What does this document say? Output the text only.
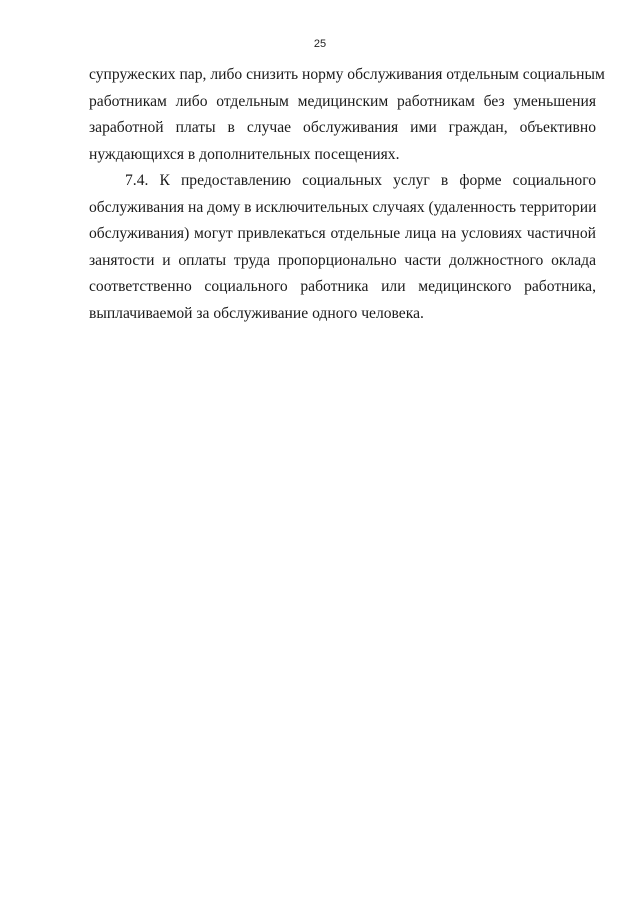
25
супружеских пар, либо снизить норму обслуживания отдельным социальным
работникам либо отдельным медицинским работникам без уменьшения
заработной платы в случае обслуживания ими граждан, объективно
нуждающихся в дополнительных посещениях.
7.4. К предоставлению социальных услуг в форме социального
обслуживания на дому в исключительных случаях (удаленность территории
обслуживания) могут привлекаться отдельные лица на условиях частичной
занятости и оплаты труда пропорционально части должностного оклада
соответственно социального работника или медицинского работника,
выплачиваемой за обслуживание одного человека.
